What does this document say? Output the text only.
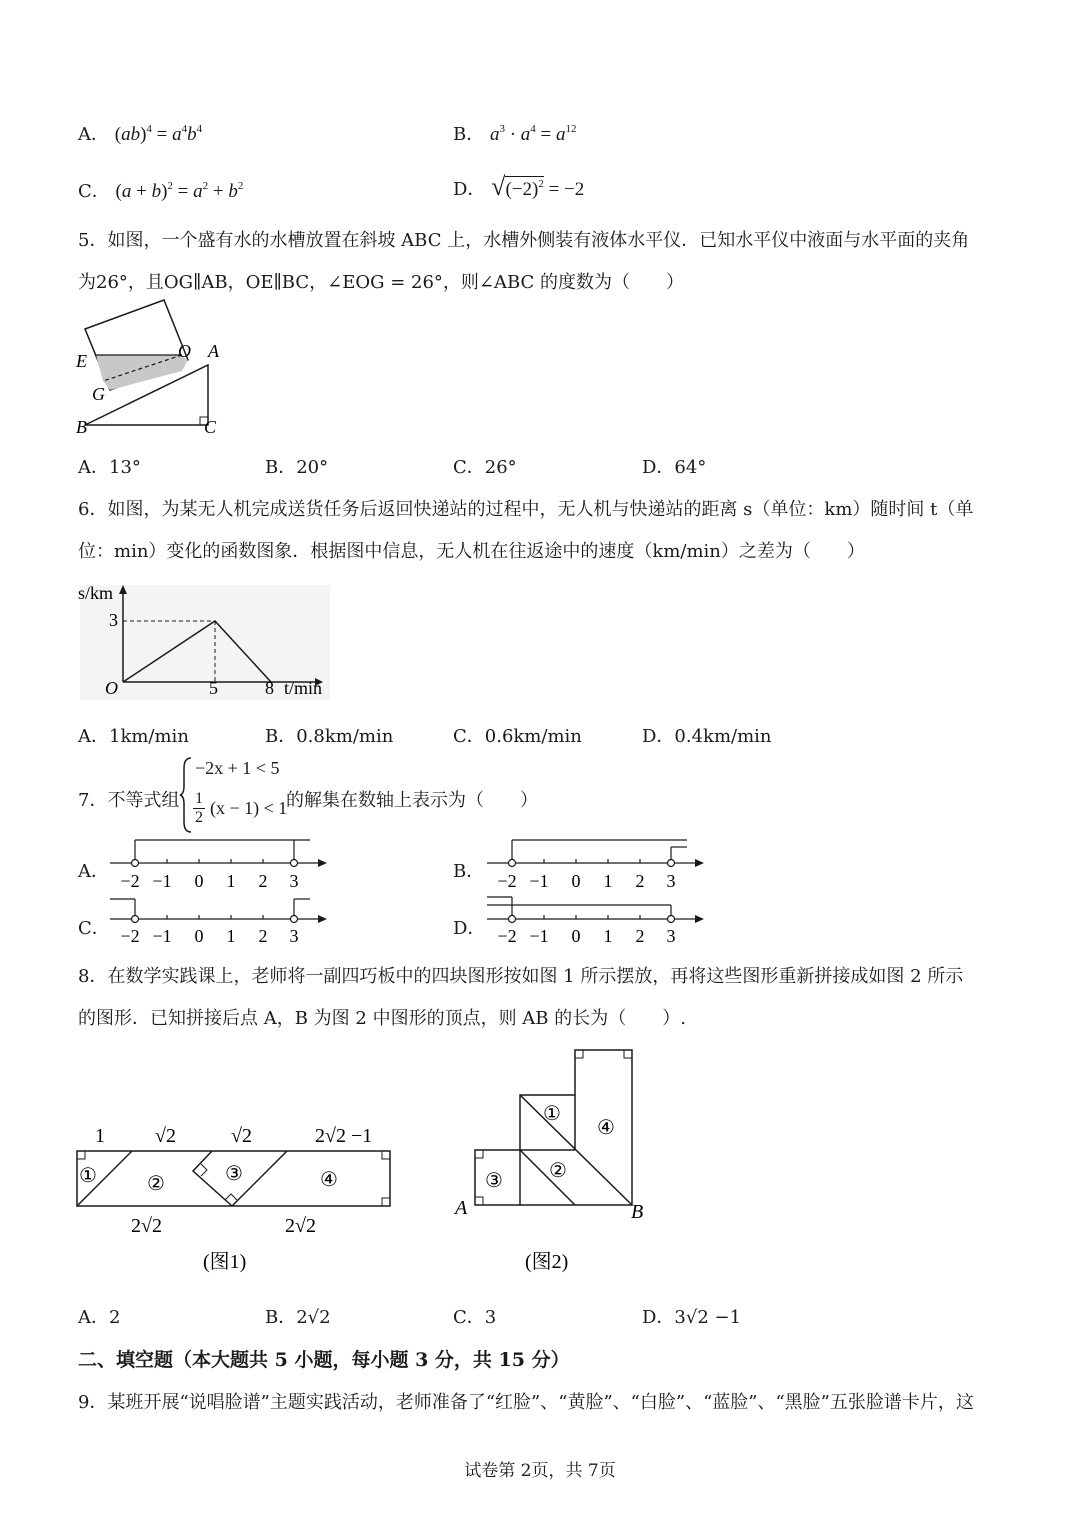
A． $(ab)^4 = a^4b^4$	B． $a^3 \cdot a^4 = a^{12}$
C． $(a + b)^2 = a^2 + b^2$	D． $√(-2)^2 = -2$
5．如图，一个盛有水的水槽放置在斜坡 ABC 上，水槽外侧装有液体水平仪．已知水平仪中液面与水平面的夹角
为26°，且OG∥AB，OE∥BC，∠EOG = 26°，则∠ABC 的度数为（　　）
E	O A
G
B	C
A．13°	B．20°	C．26°	D．64°
6．如图，为某无人机完成送货任务后返回快递站的过程中，无人机与快递站的距离 s（单位：km）随时间 t（单
位：min）变化的函数图象．根据图中信息，无人机在往返途中的速度（km/min）之差为（　　）
s/km
3
O	5	8 t/min
A．1km/min	B．0.8km/min	C．0.6km/min	D．0.4km/min
7．不等式组
−2x + 1 < 5
$\frac{1}{2} (x - 1) < 1$
的解集在数轴上表示为（　　）
A． −2 −1 0 1 2 3	B． −2 −1 0 1 2 3
C． −2 −1 0 1 2 3	D． −2 −1 0 1 2 3
8．在数学实践课上，老师将一副四巧板中的四块图形按如图 1 所示摆放，再将这些图形重新拼接成如图 2 所示
的图形．已知拼接后点 A，B 为图 2 中图形的顶点，则 AB 的长为（　　）.
1	√2	√2	2√2 −1
2√2	2√2
①	②	③	④
(图1)
①
②
③
④
A	B
(图2)
A．2	B．2√2	C．3	D．3√2 −1
二、填空题（本大题共 5 小题，每小题 3 分，共 15 分）
9．某班开展“说唱脸谱”主题实践活动，老师准备了“红脸”、“黄脸”、“白脸”、“蓝脸”、“黑脸”五张脸谱卡片，这
试卷第 2页，共 7页
